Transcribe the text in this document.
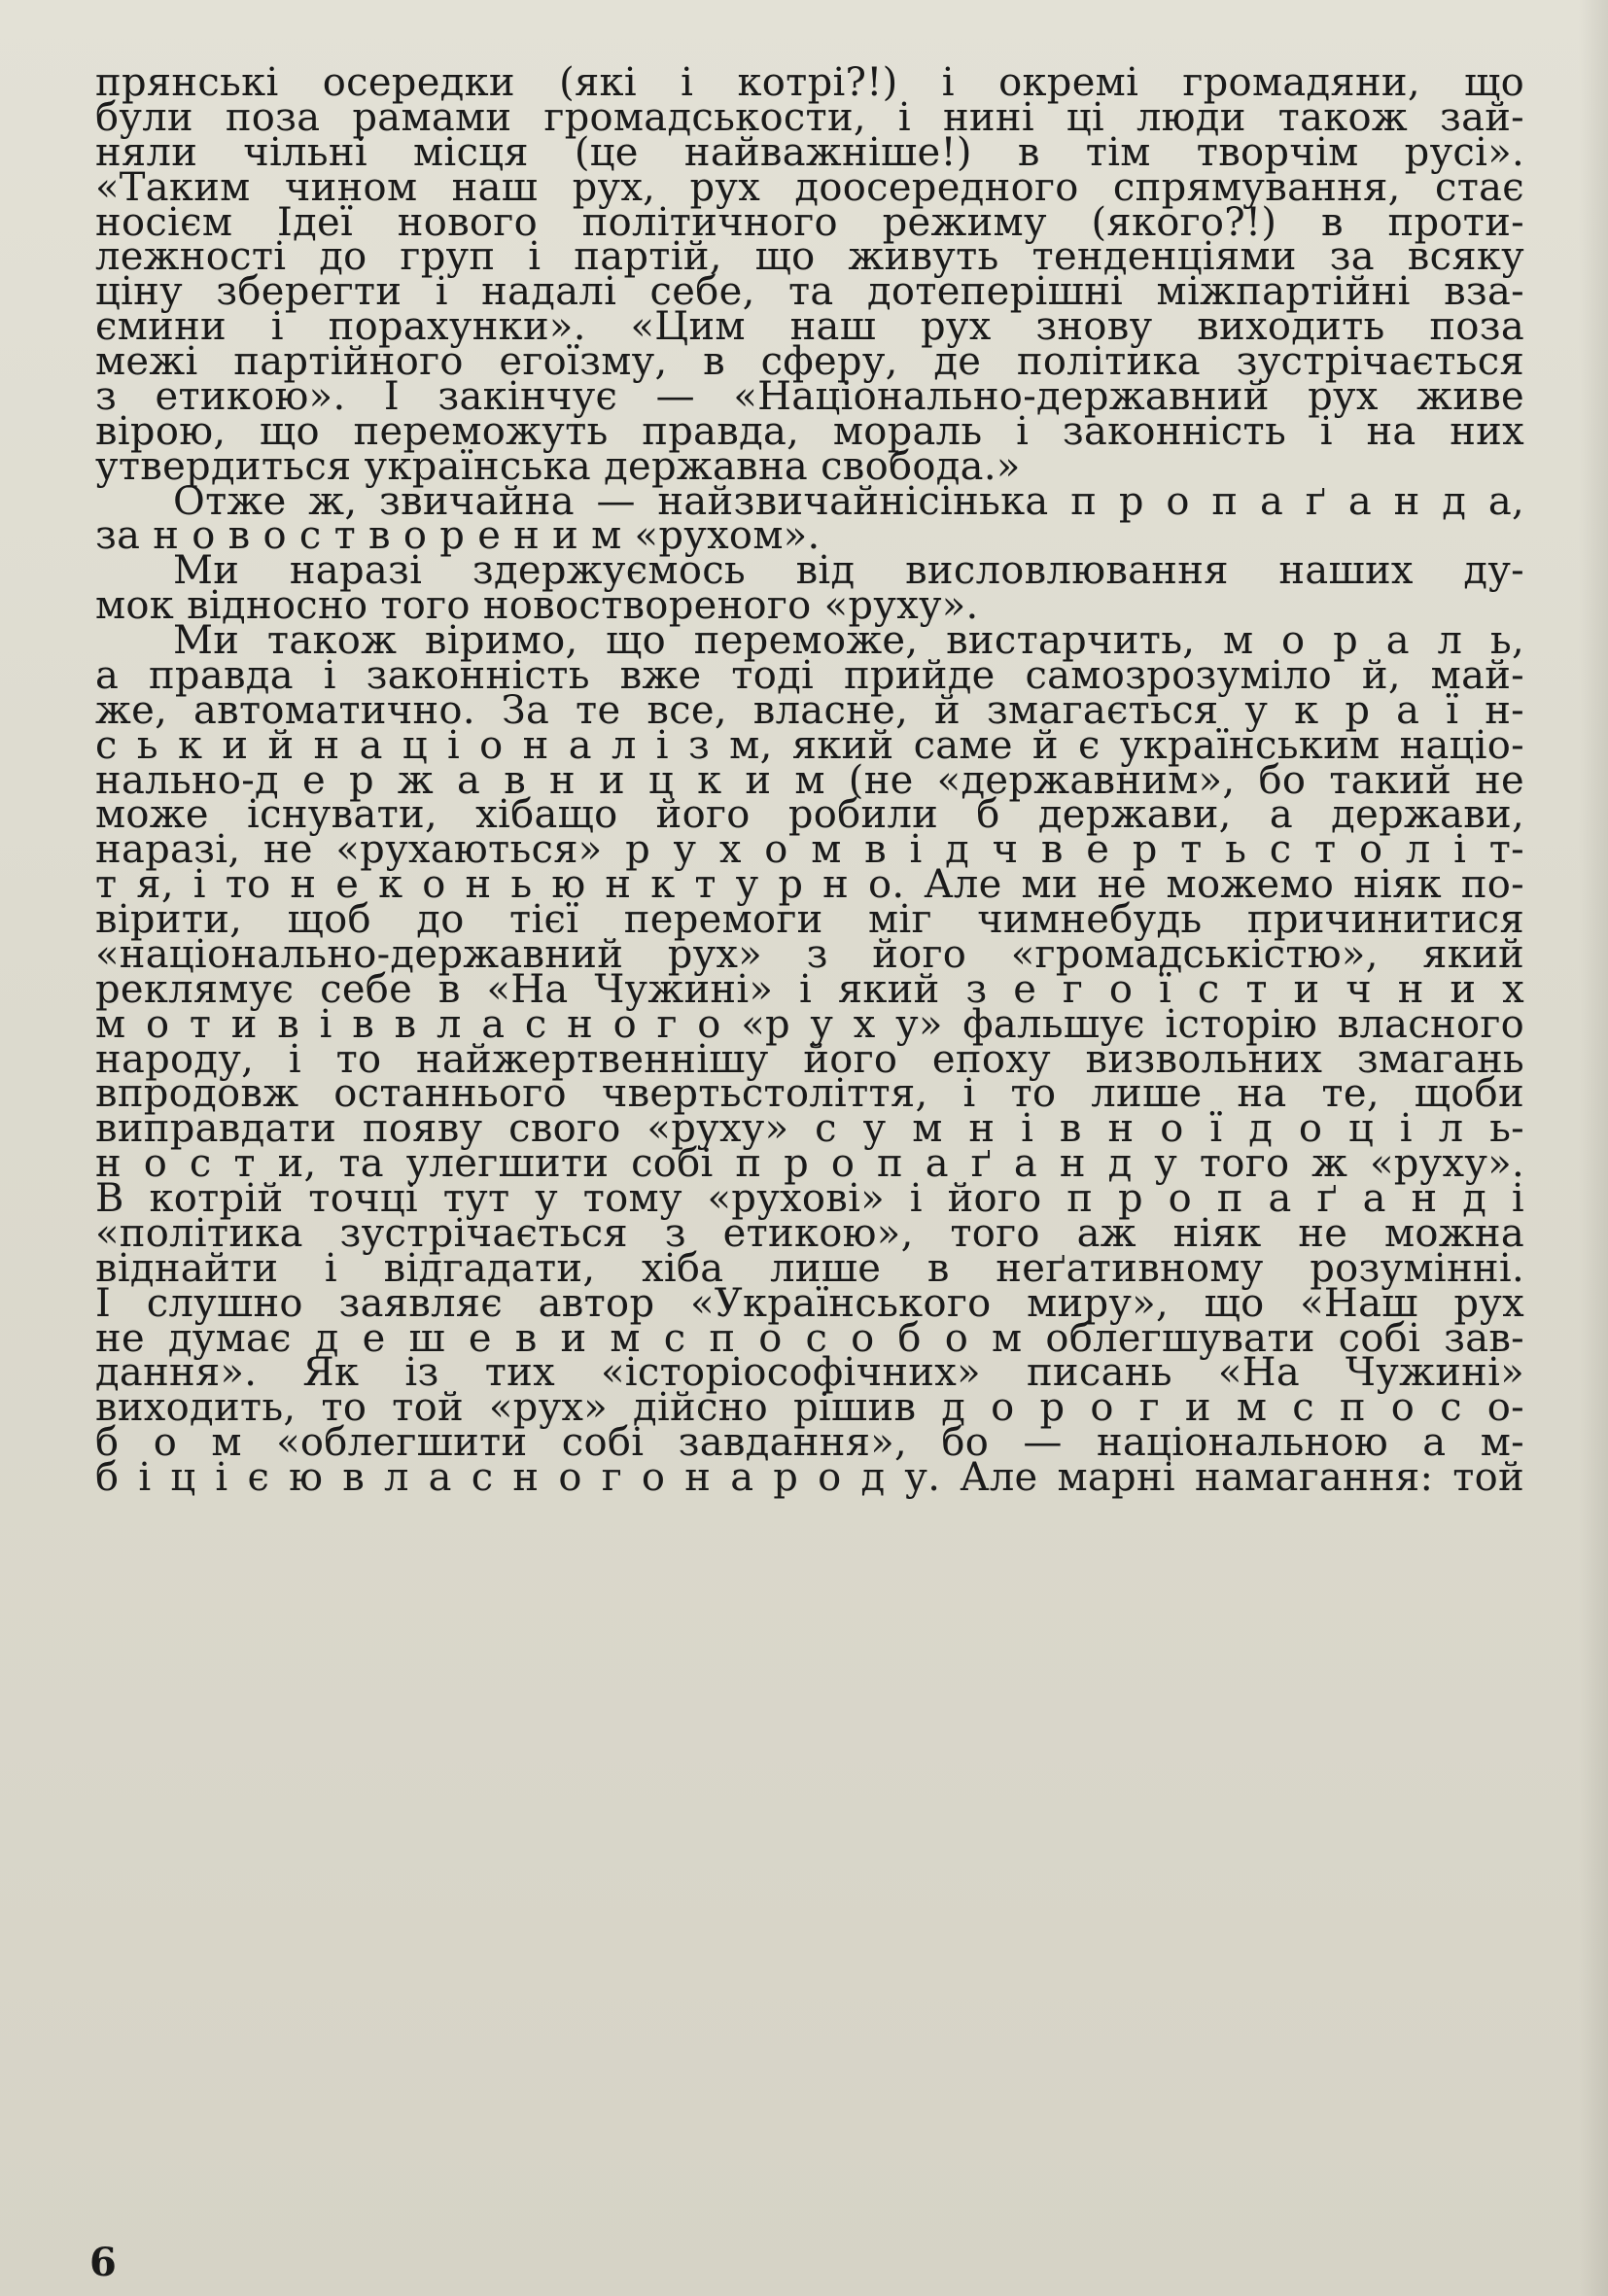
прянські осередки (які і котрі?!) і окремі громадяни, що
були поза рамами громадськости, і нині ці люди також зай-
няли чільні місця (це найважніше!) в тім творчім русі».
«Таким чином наш рух, рух доосередного спрямування, стає
носієм Ідеї нового політичного режиму (якого?!) в проти-
лежності до груп і партій, що живуть тенденціями за всяку
ціну зберегти і надалі себе, та дотеперішні міжпартійні вза-
ємини і порахунки». «Цим наш рух знову виходить поза
межі партійного егоїзму, в сферу, де політика зустрічається
з етикою». І закінчує — «Національно-державний рух живе
вірою, що переможуть правда, мораль і законність і на них
утвердиться українська державна свобода.»
Отже ж, звичайна — найзвичайнісінька п р о п а ґ а н д а,
за н о в о с т в о р е н и м «рухом».
Ми наразі здержуємось від висловлювання наших ду-
мок відносно того новоствореного «руху».
Ми також віримо, що переможе, вистарчить, м о р а л ь,
а правда і законність вже тоді прийде самозрозуміло й, май-
же, автоматично. За те все, власне, й змагається у к р а ї н-
с ь к и й н а ц і о н а л і з м, який саме й є українським націо-
нально-д е р ж а в н и ц к и м (не «державним», бо такий не
може існувати, хібащо його робили б держави, а держави,
наразі, не «рухаються» р у х о м в і д ч в е р т ь с т о л і т-
т я, і то н е к о н ь ю н к т у р н о. Але ми не можемо ніяк по-
вірити, щоб до тієї перемоги міг чимнебудь причинитися
«національно-державний рух» з його «громадськістю», який
реклямує себе в «На Чужині» і який з е г о ї с т и ч н и х
м о т и в і в в л а с н о г о «р у х у» фальшує історію власного
народу, і то найжертвеннішу його епоху визвольних змагань
впродовж останнього чвертьстоліття, і то лише на те, щоби
виправдати появу свого «руху» с у м н і в н о ї д о ц і л ь-
н о с т и, та улегшити собі п р о п а ґ а н д у того ж «руху».
В котрій точці тут у тому «рухові» і його п р о п а ґ а н д і
«політика зустрічається з етикою», того аж ніяк не можна
віднайти і відгадати, хіба лише в неґативному розумінні.
І слушно заявляє автор «Українського миру», що «Наш рух
не думає д е ш е в и м с п о с о б о м облегшувати собі зав-
дання». Як із тих «історіософічних» писань «На Чужині»
виходить, то той «рух» дійсно рішив д о р о г и м с п о с о-
б о м «облегшити собі завдання», бо — національною а м-
б і ц і є ю в л а с н о г о н а р о д у. Але марні намагання: той
6
